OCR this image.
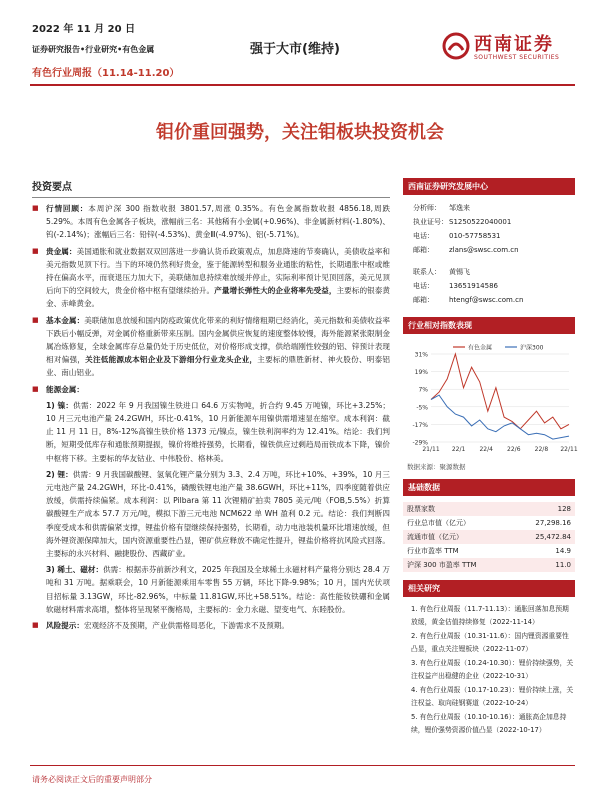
2022 年 11 月 20 日
证券研究报告•行业研究•有色金属
有色行业周报（11.14-11.20）
强于大市(维持)	西南证券
SOUTHWEST SECURITIES
钼价重回强势，关注钼板块投资机会
投资要点
■ 行情回顾：本周沪深 300 指数收报 3801.57,周涨 0.35%。有色金属指数收报 4856.18,周跌 5.29%。本周有色金属各子板块，涨幅前三名：其他稀有小金属(+0.96%)、非金属新材料(-1.80%)、钨(-2.14%)；涨幅后三名：铅锌(-4.53%)、黄金Ⅲ(-4.97%)、铝(-5.71%)。
■ 贵金属：美国通胀和就业数据双双回落进一步确认货币政策观点，加息降速的节奏确认，美债收益率和美元指数见顶下行。当下的环境仍然利好贵金，鉴于能源转型和服务业通胀的粘性，长期通胀中枢或维持在偏高水平，而衰退压力加大下，美联储加息持续难放缓并停止，实际利率预计见顶回落，美元见顶后向下的空间较大，贵金价格中枢有望继续抬升。产量增长弹性大的企业将率先受益，主要标的银泰黄金、赤峰黄金。
■ 基本金属：美联储加息放缓和国内防疫政策优化带来的利好情绪粗期已经消化，美元指数和美债收益率下跌后小幅反弹，对金属价格重新带来压制。国内金属供应恢复的速度整体较慢，海外能源紧张限制金属冶炼修复，全球金属库存总量仍处于历史低位，对价格形成支撑，供给端刚性较强的铝、锌预计表现相对偏强，关注低能源成本铝企业及下游细分行业龙头企业，主要标的鼎胜新材、神火股份、明泰铝业、南山铝业。
■ 能源金属：
1) 镍：供需：2022 年 9 月我国镍生铁进口 64.6 万实物吨，折合约 9.45 万吨镍，环比+3.25%；10 月三元电池产量 24.2GWH，环比-0.41%，10 月新能源车用镍供需增速显在缩窄。成本利润：截止 11 月 11 日，8%-12%高镍生铁价格 1373 元/镍点，镍生铁利润率约为 12.41%。结论：我们判断，短期受低库存和通胀预期提振，镍价将维持强势，长期看，镍铁供应过剩趋局而铁成本下降，镍价中枢将下移。主要标的华友钴业、中伟股份、格林美。
2) 锂：供需：9 月我国碳酸锂、氢氧化锂产量分别为 3.3、2.4 万吨，环比+10%、+39%，10 月三元电池产量 24.2GWH，环比-0.41%，磷酸铁锂电池产量 38.6GWH，环比+11%，四季度随着供应放缓，供需持续偏紧。成本利润：以 Pilbara 第 11 次锂精矿拍卖 7805 美元/吨（FOB,5.5%）折算碳酸锂生产成本 57.7 万元/吨，模拟下游三元电池 NCM622 单 WH 盈利 0.2 元。结论：我们判断四季度受成本和供需偏紧支撑，锂盐价格有望继续保持强势，长期看，动力电池装机量环比增速放缓，但海外锂资源保障加大，国内资源重要性凸显，锂矿供应释放不确定性提升，锂盐价格将抗风险式回落。主要标的永兴材料、融捷股份、西藏矿业。
3) 稀土、磁材：供需：根据赤芬前新沙利文，2025 年我国及全球稀土永磁材料产量将分别达 28.4 万吨和 31 万吨。据乘联会，10 月新能源乘用车零售 55 万辆，环比下降-9.98%；10 月，国内光伏项目招标量 3.13GW，环比-82.96%，中标量 11.81GW,环比+58.51%。结论：高性能钕铁硼和金属软磁材料需求高增，整体将呈现紧平衡格局，主要标的：金力永磁、望变电气、东睦股份。
■ 风险提示：宏观经济不及预期，产业供需格局恶化，下游需求不及预期。
西南证券研究发展中心
分析师： 邹逸来
执业证号：S1250522040001
电话： 010-57758531
邮箱： zlans@swsc.com.cn
联系人： 黄锡飞
电话： 13651914586
邮箱： htengf@swsc.com.cn
行业相对指数表现
31%
19%
7%
-5%
-17%
-29%
21/11 22/1 22/4 22/6 22/8 22/11
有色金属	沪深300
数据来源：聚源数据
基础数据
股票家数	128
行业总市值（亿元）	27,298.16
流通市值（亿元）	25,472.84
行业市盈率 TTM	14.9
沪深 300 市盈率 TTM	11.0
相关研究
1. 有色行业周报（11.7-11.13）：通胀回落加息预期放缓，黄金估值持续修复（2022-11-14）
2. 有色行业周报（10.31-11.6）：国内锂资源重要性凸显，重点关注锂板块（2022-11-07）
3. 有色行业周报（10.24-10.30）：锂价持续强势，关注权益产出稳健的企业（2022-10-31）
4. 有色行业周报（10.17-10.23）：锂价持续上涨，关注权益、取向硅钢赛道（2022-10-24）
5. 有色行业周报（10.10-10.16）：通胀高企加息持续，锂价强势资源价值凸显（2022-10-17）
请务必阅读正文后的重要声明部分
